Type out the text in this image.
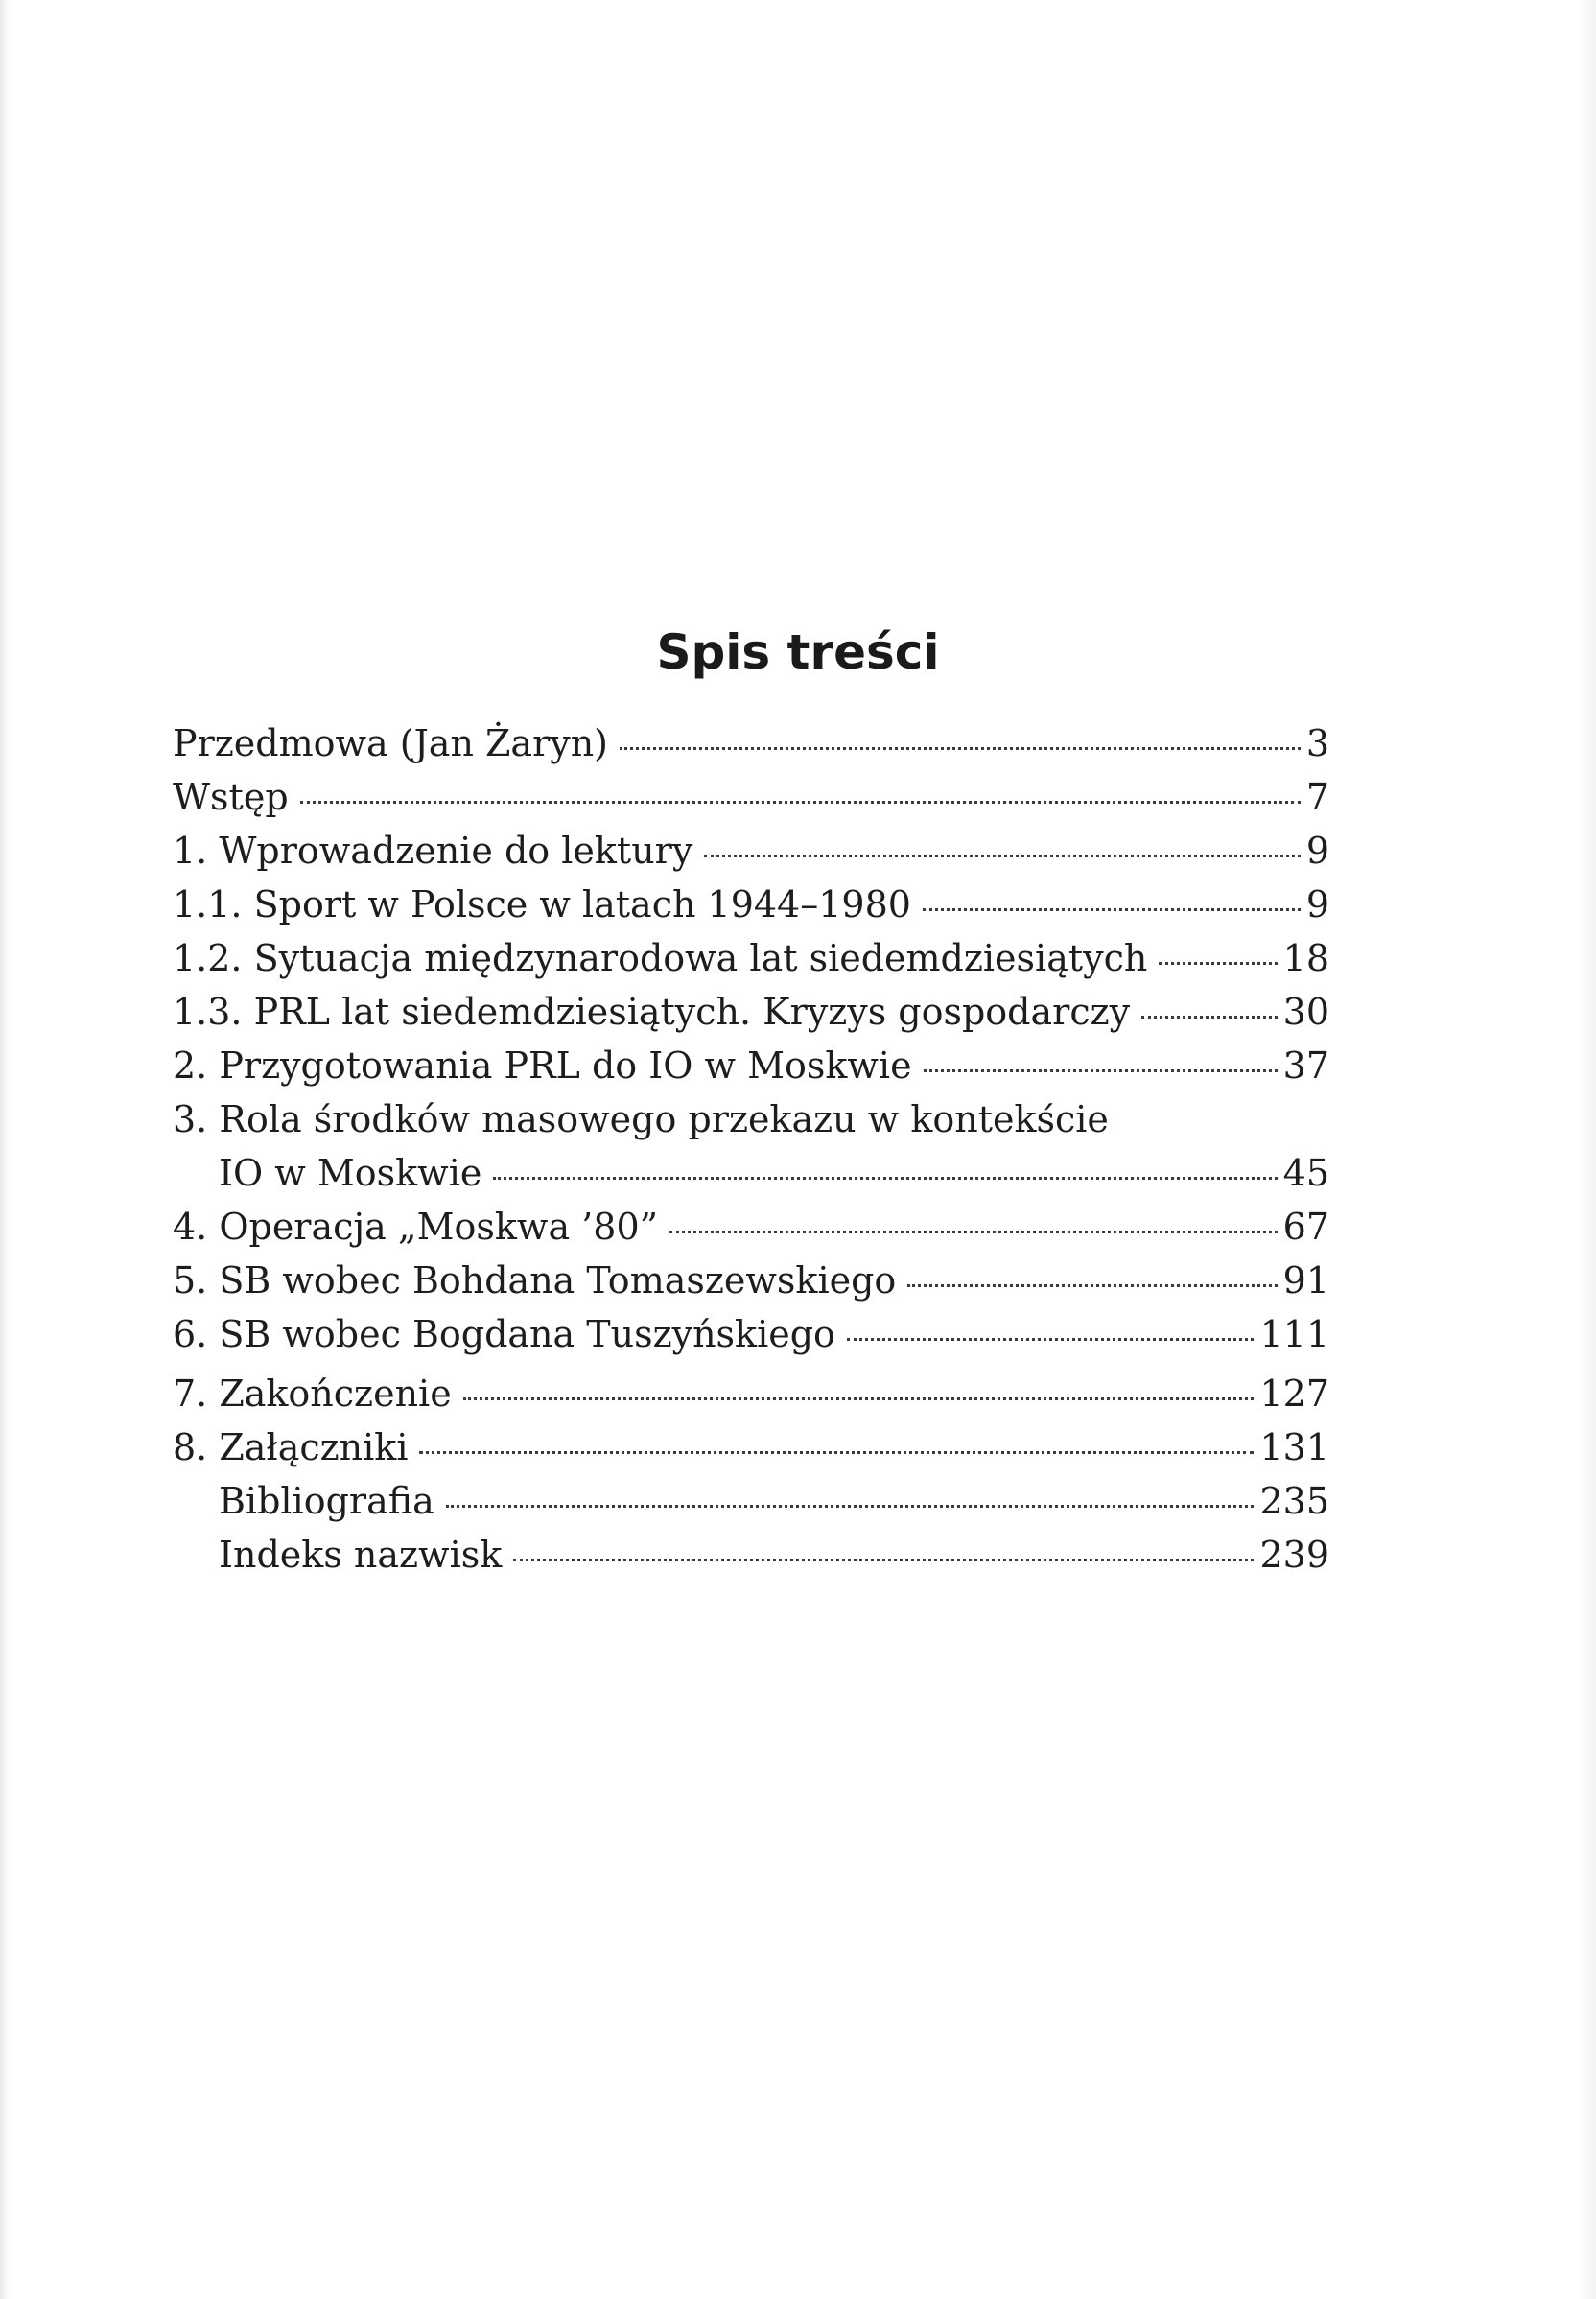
Spis treści
Przedmowa (Jan Żaryn)	3
Wstęp	7
1. Wprowadzenie do lektury	9
1.1. Sport w Polsce w latach 1944–1980	9
1.2. Sytuacja międzynarodowa lat siedemdziesiątych	18
1.3. PRL lat siedemdziesiątych. Kryzys gospodarczy	30
2. Przygotowania PRL do IO w Moskwie	37
3. Rola środków masowego przekazu w kontekście
IO w Moskwie	45
4. Operacja „Moskwa ’80”	67
5. SB wobec Bohdana Tomaszewskiego	91
6. SB wobec Bogdana Tuszyńskiego	111
7. Zakończenie	127
8. Załączniki	131
Bibliografia	235
Indeks nazwisk	239
